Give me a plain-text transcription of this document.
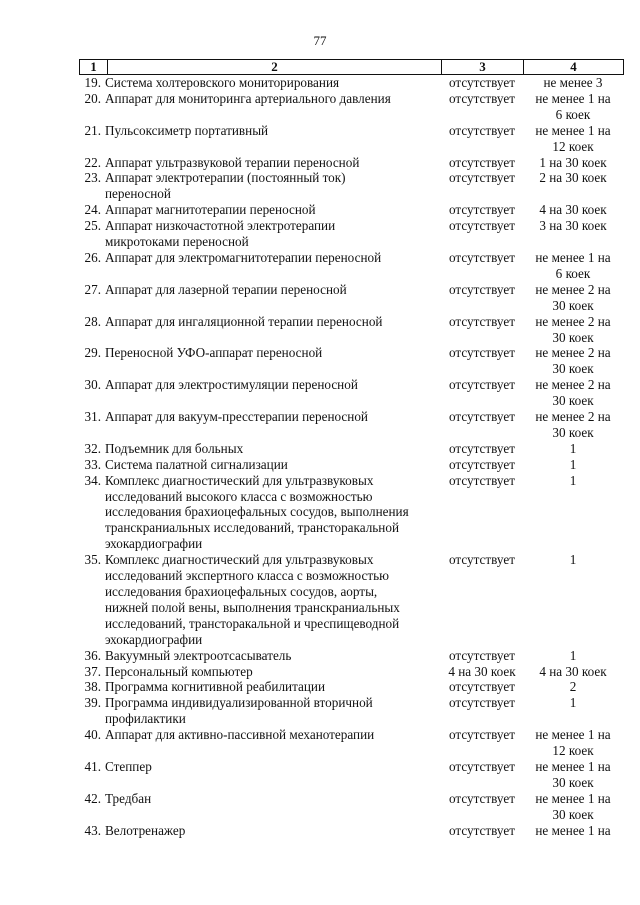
77
1	2	3	4
19. Система холтеровского мониторирования	отсутствует	не менее 3
20. Аппарат для мониторинга артериального давления	отсутствует	не менее 1 на
6 коек
21. Пульсоксиметр портативный	отсутствует	не менее 1 на
12 коек
22. Аппарат ультразвуковой терапии переносной	отсутствует	1 на 30 коек
23. Аппарат электротерапии (постоянный ток)
переносной
отсутствует	2 на 30 коек
24. Аппарат магнитотерапии переносной	отсутствует	4 на 30 коек
25. Аппарат низкочастотной электротерапии
микротоками переносной
отсутствует	3 на 30 коек
26. Аппарат для электромагнитотерапии переносной	отсутствует	не менее 1 на
6 коек
27. Аппарат для лазерной терапии переносной	отсутствует	не менее 2 на
30 коек
28. Аппарат для ингаляционной терапии переносной	отсутствует	не менее 2 на
30 коек
29. Переносной УФО-аппарат переносной	отсутствует	не менее 2 на
30 коек
30. Аппарат для электростимуляции переносной	отсутствует	не менее 2 на
30 коек
31. Аппарат для вакуум-пресстерапии переносной	отсутствует	не менее 2 на
30 коек
32. Подъемник для больных	отсутствует	1
33. Система палатной сигнализации	отсутствует	1
34. Комплекс диагностический для ультразвуковых
исследований высокого класса с возможностью
исследования брахиоцефальных сосудов, выполнения
транскраниальных исследований, трансторакальной
эхокардиографии
отсутствует	1
35. Комплекс диагностический для ультразвуковых
исследований экспертного класса с возможностью
исследования брахиоцефальных сосудов, аорты,
нижней полой вены, выполнения транскраниальных
исследований, трансторакальной и чреспищеводной
эхокардиографии
отсутствует	1
36. Вакуумный электроотсасыватель	отсутствует	1
37. Персональный компьютер	4 на 30 коек	4 на 30 коек
38. Программа когнитивной реабилитации	отсутствует	2
39. Программа индивидуализированной вторичной
профилактики
отсутствует	1
40. Аппарат для активно-пассивной механотерапии	отсутствует	не менее 1 на
12 коек
41. Степпер	отсутствует	не менее 1 на
30 коек
42. Тредбан	отсутствует	не менее 1 на
30 коек
43. Велотренажер	отсутствует	не менее 1 на
